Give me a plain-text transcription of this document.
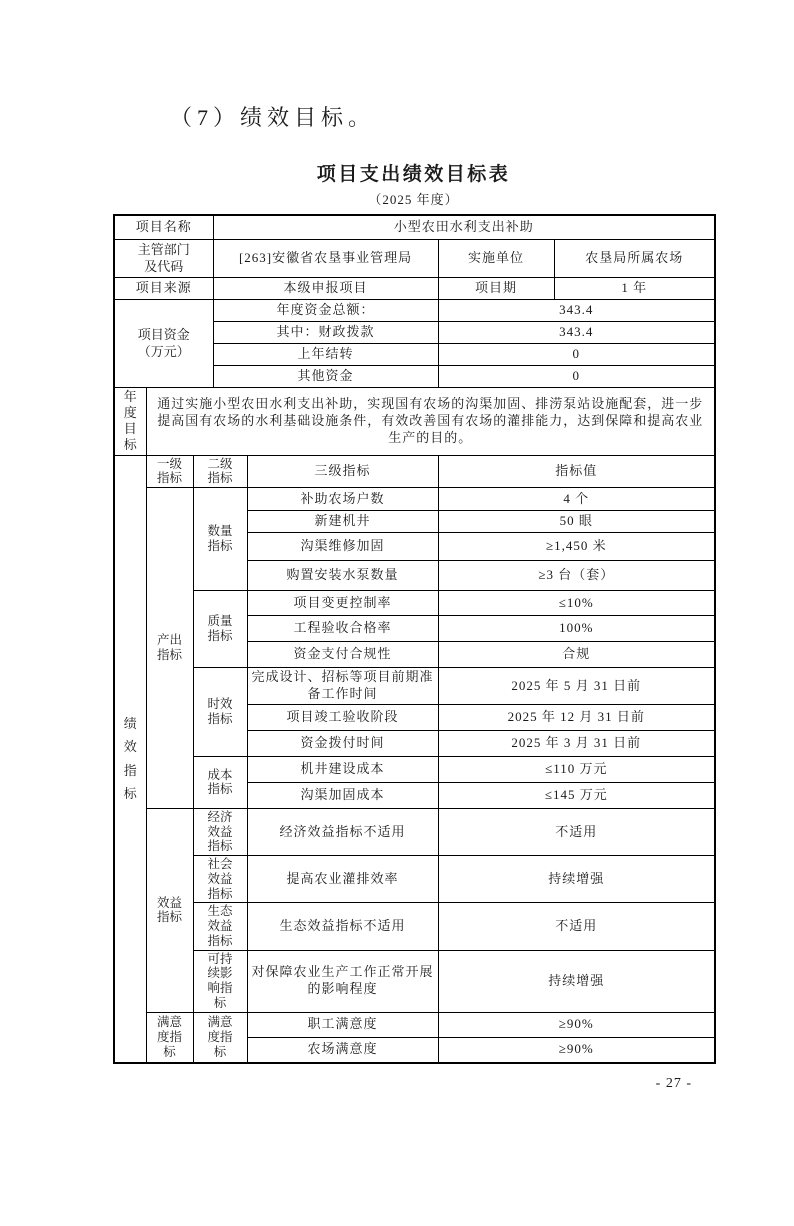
（7）绩效目标。
项目支出绩效目标表
（2025 年度）
项目名称			小型农田水利支出补助			

主管部门及代码			[263]安徽省农垦事业管理局		实施单位	农垦局所属农场
项目来源			本级申报项目		项目期	1 年

项目资金（万元）			年度资金总额：		343.4	
			其中：财政拨款		343.4	
			上年结转		0	
			其他资金		0	

年度目标	通过实施小型农田水利支出补助，实现国有农场的沟渠加固、排涝泵站设施配套，进一步提高国有农场的水利基础设施条件，有效改善国有农场的灌排能力，达到保障和提高农业生产的目的。					

绩效指标	一级指标	二级指标		三级指标	指标值	

	产出指标	数量指标		补助农场户数	4 个	
				新建机井	50 眼	
				沟渠维修加固	≥1,450 米	
				购置安装水泵数量	≥3 台（套）	

		质量指标		项目变更控制率	≤10%	
				工程验收合格率	100%	
				资金支付合规性	合规	

		时效指标		完成设计、招标等项目前期准备工作时间	2025 年 5 月 31 日前	
				项目竣工验收阶段	2025 年 12 月 31 日前	
				资金拨付时间	2025 年 3 月 31 日前	

		成本指标		机井建设成本	≤110 万元	
				沟渠加固成本	≤145 万元	

	效益指标	经济效益指标		经济效益指标不适用	不适用	

		社会效益指标		提高农业灌排效率	持续增强	

		生态效益指标		生态效益指标不适用	不适用	

		可持续影响指标		对保障农业生产工作正常开展的影响程度	持续增强	

	满意度指标	满意度指标		职工满意度	≥90%	
				农场满意度	≥90%	
- 27 -
